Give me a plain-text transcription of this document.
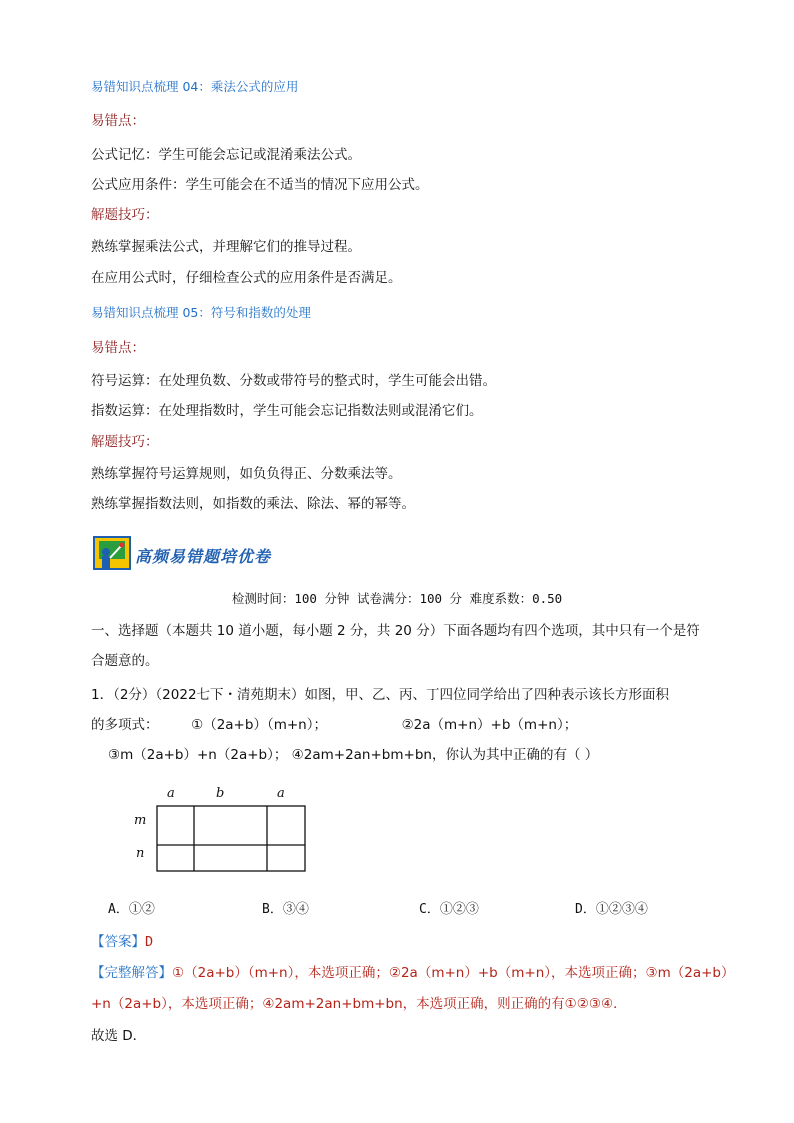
易错知识点梳理 04：乘法公式的应用
易错点：
公式记忆：学生可能会忘记或混淆乘法公式。
公式应用条件：学生可能会在不适当的情况下应用公式。
解题技巧：
熟练掌握乘法公式，并理解它们的推导过程。
在应用公式时，仔细检查公式的应用条件是否满足。
易错知识点梳理 05：符号和指数的处理
易错点：
符号运算：在处理负数、分数或带符号的整式时，学生可能会出错。
指数运算：在处理指数时，学生可能会忘记指数法则或混淆它们。
解题技巧：
熟练掌握符号运算规则，如负负得正、分数乘法等。
熟练掌握指数法则，如指数的乘法、除法、幂的幂等。
高频易错题培优卷
检测时间：100 分钟 试卷满分：100 分 难度系数：0.50
一、选择题（本题共 10 道小题，每小题 2 分，共 20 分）下面各题均有四个选项，其中只有一个是符
合题意的。
1．（2分）（2022七下・清苑期末）如图，甲、乙、丙、丁四位同学给出了四种表示该长方形面积
的多项式： ①（2a+b）（m+n）；	②2a（m+n）+b（m+n）；
③m（2a+b）+n（2a+b）； ④2am+2an+bm+bn，你认为其中正确的有（ ）
a	b	a
m
n
A．①②	B．③④	C．①②③	D．①②③④
【答案】D
【完整解答】①（2a+b）（m+n），本选项正确；②2a（m+n）+b（m+n），本选项正确；③m（2a+b）
+n（2a+b），本选项正确；④2am+2an+bm+bn，本选项正确，则正确的有①②③④．
故选 D．
